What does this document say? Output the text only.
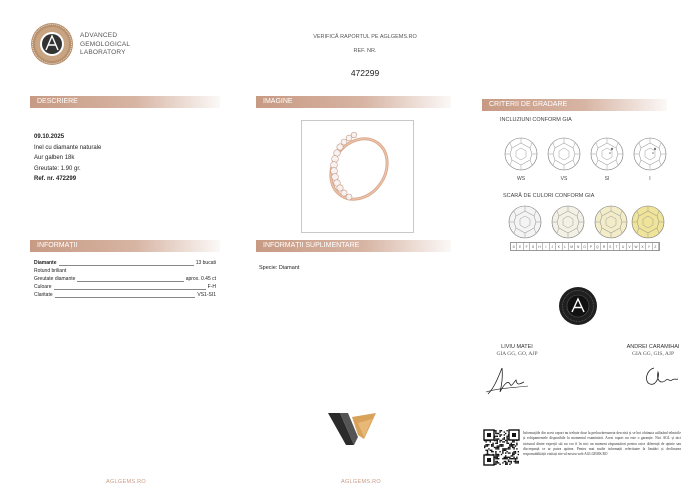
ADVANCED
GEMOLOGICAL
LABORATORY
VERIFICĂ RAPORTUL PE AGLGEMS.RO
REF. NR.
472299
DESCRIERE	IMAGINE	CRITERII DE GRADARE
INFORMAȚII	INFORMAȚII SUPLIMENTARE
09.10.2025
Inel cu diamante naturale
Aur galben 18k
Greutate: 1.90 gr.
Ref. nr. 472299
Diamante	13 bucati
Rotund briliant
Greutate diamante	aprox. 0.45 ct
Culoare	F-H
Claritate	VS1-SI1
Specie: Diamant
INCLUZIUNI CONFORM GIA
SCARĂ DE CULORI CONFORM GIA
D	E	F	G	H	I	J	K	L	M	N	O	P	Q	R	S	T	U	V	W	X	Y	Z
LIVIU MATEI
GIA GG, GO, AJP
ANDREI CARAMIHAI
GIA GG, GIS, AJP
Informațiile din acest raport nu trebuie doar la prelucrăresuneta descrisă și se bot obtinuta utilizând tehnicile și echipamentele disponibile la momentul examinării. Acest raport nu este o garanție. Nici AGL și nici niciunul dintre experții săi nu vor fi în nici un moment răspunzători pentru orice diferență de opinie sau discrepanță ce ar putea apărea. Pentru mai multe informații referitoare la limitări și declinarea responsabilității vizitați site-ul nostru web AGLGEMS.RO
AGLGEMS.RO	AGLGEMS.RO
WS	VS	SI	I
